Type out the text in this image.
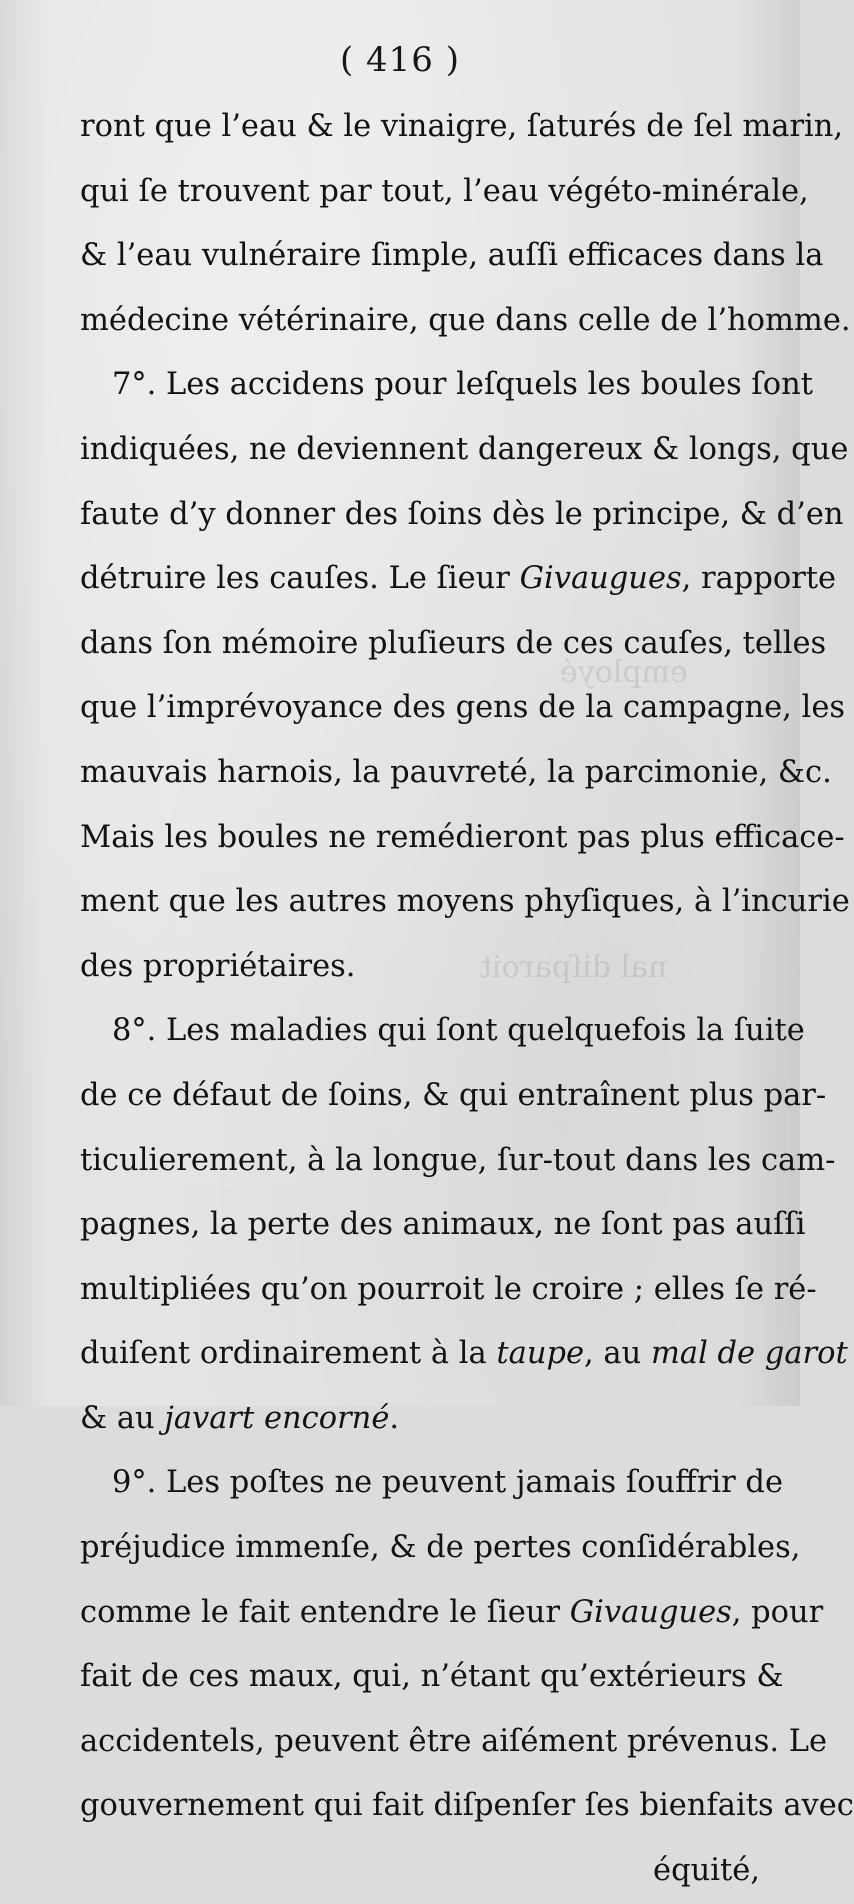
employé
nal diſparoit
( 416 )
ront que l’eau & le vinaigre, ſaturés de ſel marin,
qui ſe trouvent par tout, l’eau végéto-minérale,
& l’eau vulnéraire ſimple, auſſi efficaces dans la
médecine vétérinaire, que dans celle de l’homme.
7°. Les accidens pour leſquels les boules ſont
indiquées, ne deviennent dangereux & longs, que
faute d’y donner des ſoins dès le principe, & d’en
détruire les cauſes. Le ſieur Givaugues, rapporte
dans ſon mémoire pluſieurs de ces cauſes, telles
que l’imprévoyance des gens de la campagne, les
mauvais harnois, la pauvreté, la parcimonie, &c.
Mais les boules ne remédieront pas plus efficace-
ment que les autres moyens phyſiques, à l’incurie
des propriétaires.
8°. Les maladies qui ſont quelquefois la ſuite
de ce défaut de ſoins, & qui entraînent plus par-
ticulierement, à la longue, ſur-tout dans les cam-
pagnes, la perte des animaux, ne ſont pas auſſi
multipliées qu’on pourroit le croire ; elles ſe ré-
duiſent ordinairement à la taupe, au mal de garot
& au javart encorné.
9°. Les poſtes ne peuvent jamais ſouffrir de
préjudice immenſe, & de pertes conſidérables,
comme le fait entendre le ſieur Givaugues, pour
fait de ces maux, qui, n’étant qu’extérieurs &
accidentels, peuvent être aiſément prévenus. Le
gouvernement qui fait diſpenſer ſes bienfaits avec
équité,
